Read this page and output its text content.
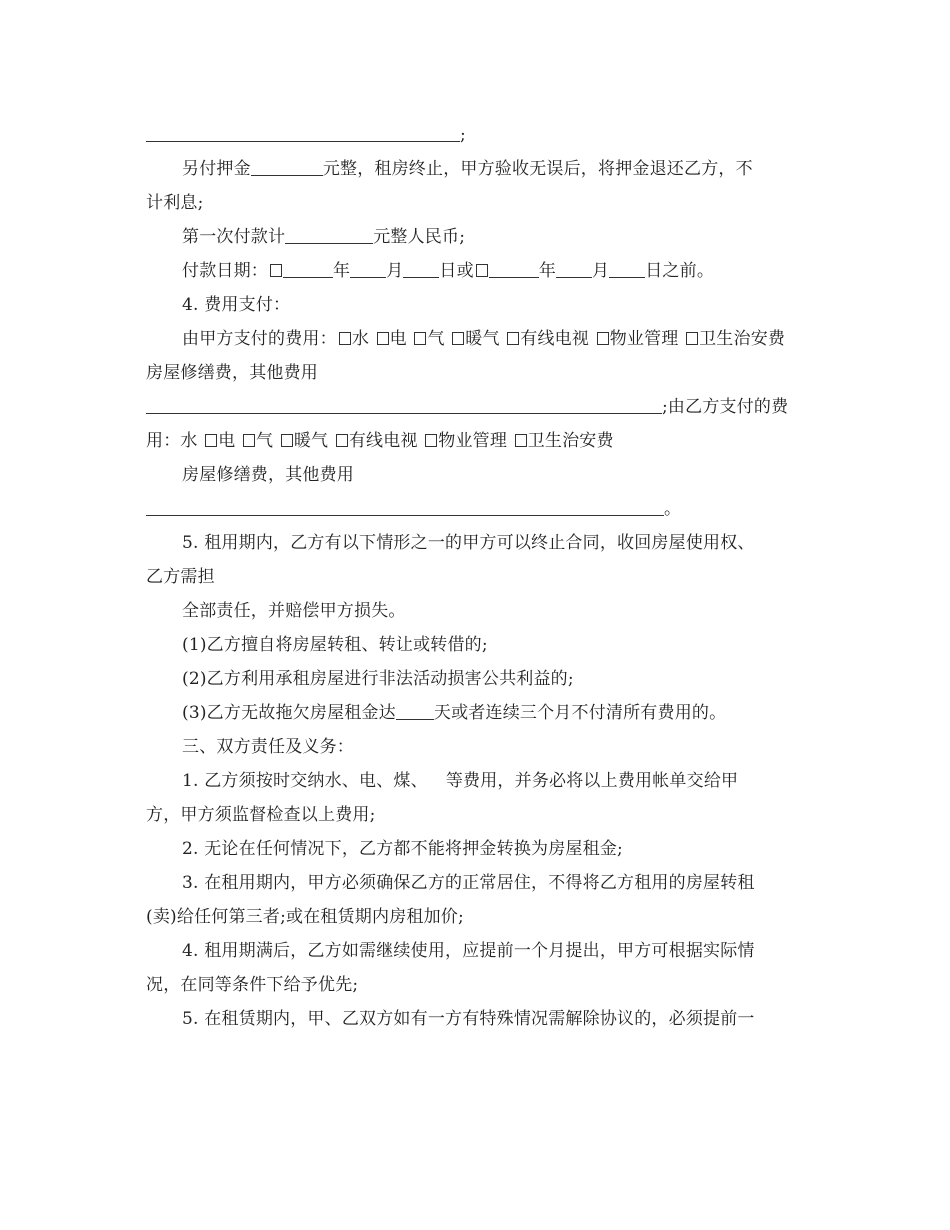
;
另付押金	元整，租房终止，甲方验收无误后，将押金退还乙方，不
计利息;
第一次付款计	元整人民币;
付款日期：	年 月 日或	年 月 日之前。
4. 费用支付：
由甲方支付的费用： 水 电 气 暖气 有线电视 物业管理 卫生治安费
房屋修缮费，其他费用
;由乙方支付的费
用：水 电 气 暖气 有线电视 物业管理 卫生治安费
房屋修缮费，其他费用
。
5. 租用期内，乙方有以下情形之一的甲方可以终止合同，收回房屋使用权、
乙方需担
全部责任，并赔偿甲方损失。
(1)乙方擅自将房屋转租、转让或转借的;
(2)乙方利用承租房屋进行非法活动损害公共利益的;
(3)乙方无故拖欠房屋租金达 天或者连续三个月不付清所有费用的。
三、双方责任及义务：
1. 乙方须按时交纳水、电、煤、 等费用，并务必将以上费用帐单交给甲
方，甲方须监督检查以上费用;
2. 无论在任何情况下，乙方都不能将押金转换为房屋租金;
3. 在租用期内，甲方必须确保乙方的正常居住，不得将乙方租用的房屋转租
(卖)给任何第三者;或在租赁期内房租加价;
4. 租用期满后，乙方如需继续使用，应提前一个月提出，甲方可根据实际情
况，在同等条件下给予优先;
5. 在租赁期内，甲、乙双方如有一方有特殊情况需解除协议的，必须提前一
